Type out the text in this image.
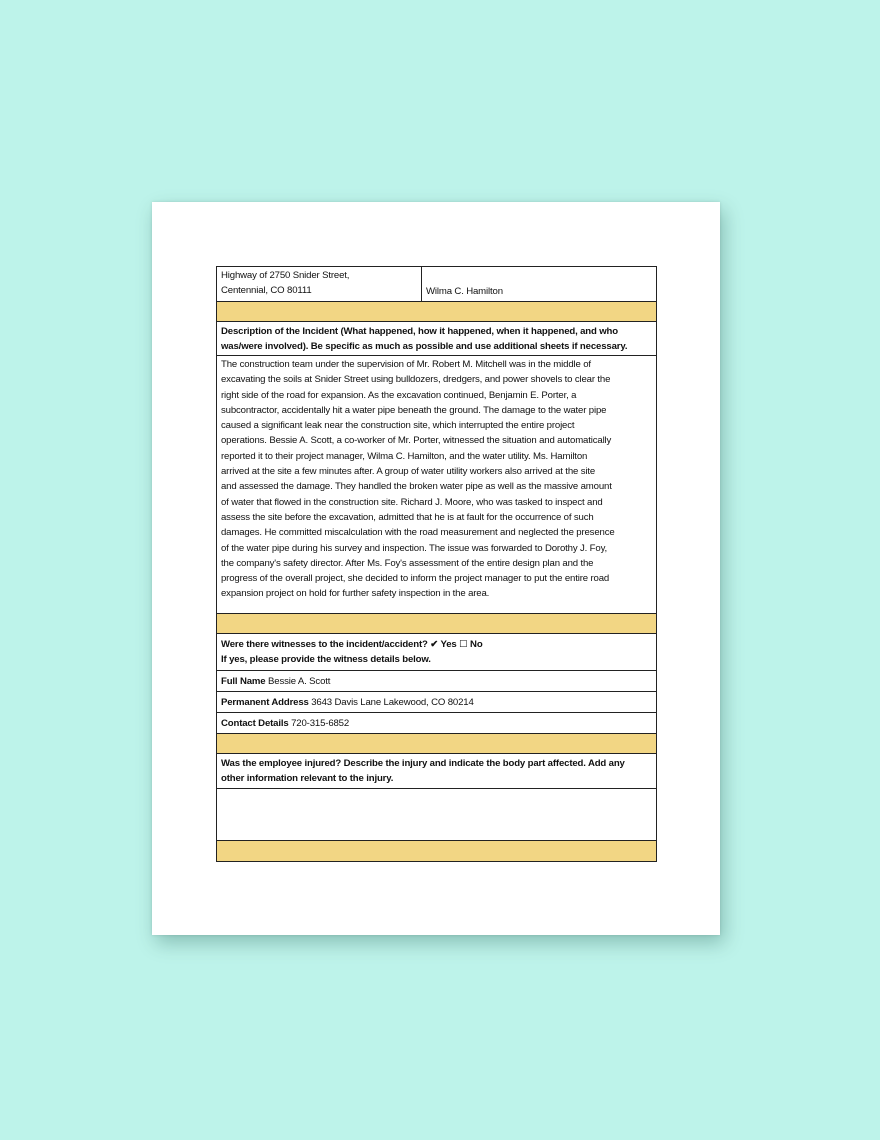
Highway of 2750 Snider Street,
Centennial, CO 80111	Wilma C. Hamilton
Description of the Incident (What happened, how it happened, when it happened, and who
was/were involved). Be specific as much as possible and use additional sheets if necessary.
The construction team under the supervision of Mr. Robert M. Mitchell was in the middle of
excavating the soils at Snider Street using bulldozers, dredgers, and power shovels to clear the
right side of the road for expansion. As the excavation continued, Benjamin E. Porter, a
subcontractor, accidentally hit a water pipe beneath the ground. The damage to the water pipe
caused a significant leak near the construction site, which interrupted the entire project
operations. Bessie A. Scott, a co-worker of Mr. Porter, witnessed the situation and automatically
reported it to their project manager, Wilma C. Hamilton, and the water utility. Ms. Hamilton
arrived at the site a few minutes after. A group of water utility workers also arrived at the site
and assessed the damage. They handled the broken water pipe as well as the massive amount
of water that flowed in the construction site. Richard J. Moore, who was tasked to inspect and
assess the site before the excavation, admitted that he is at fault for the occurrence of such
damages. He committed miscalculation with the road measurement and neglected the presence
of the water pipe during his survey and inspection. The issue was forwarded to Dorothy J. Foy,
the company's safety director. After Ms. Foy's assessment of the entire design plan and the
progress of the overall project, she decided to inform the project manager to put the entire road
expansion project on hold for further safety inspection in the area.
Were there witnesses to the incident/accident? ✔ Yes ☐ No
If yes, please provide the witness details below.
Full Name Bessie A. Scott
Permanent Address 3643 Davis Lane Lakewood, CO 80214
Contact Details 720-315-6852
Was the employee injured? Describe the injury and indicate the body part affected. Add any
other information relevant to the injury.
